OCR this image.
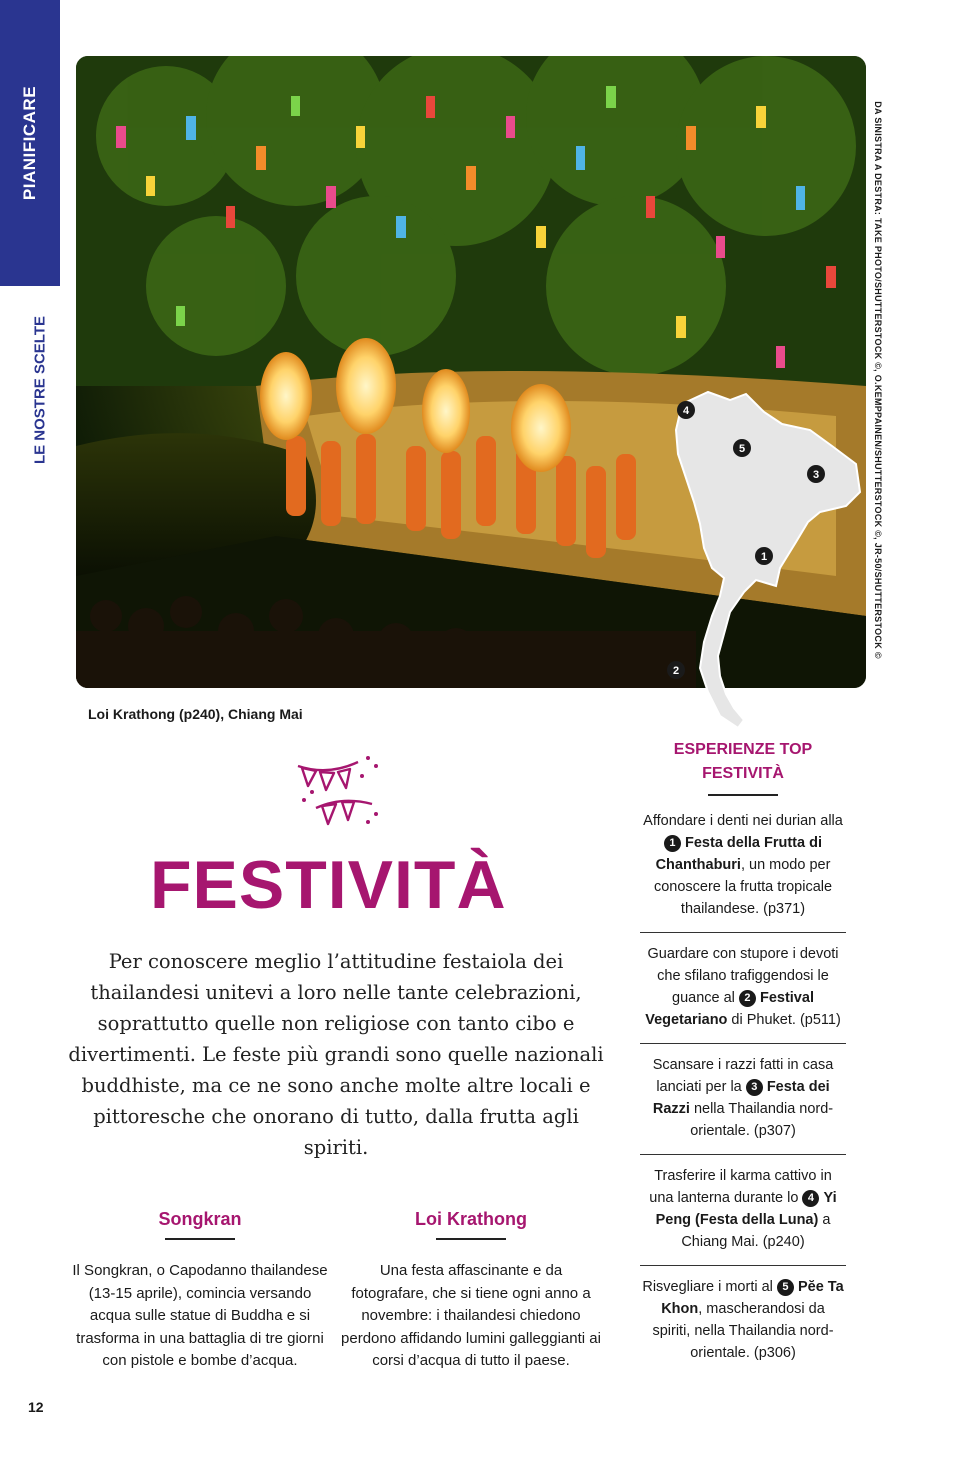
PIANIFICARE
LE NOSTRE SCELTE	DA SINISTRA A DESTRA: TAKE PHOTO/SHUTTERSTOCK ©, O.KEMPPAINEN/SHUTTERSTOCK ©, JR-50/SHUTTERSTOCK ©
4
5
3
1
2
Loi Krathong (p240), Chiang Mai
FESTIVITÀ
Per conoscere meglio l’attitudine festaiola dei thailandesi unitevi a loro nelle tante celebrazioni, soprattutto quelle non religiose con tanto cibo e divertimenti. Le feste più grandi sono quelle nazionali buddhiste, ma ce ne sono anche molte altre locali e pittoresche che onorano di tutto, dalla frutta agli spiriti.
Songkran

Il Songkran, o Capodanno thailandese (13-15 aprile), comincia versando acqua sulle statue di Buddha e si trasforma in una battaglia di tre giorni con pistole e bombe d’acqua.

Loi Krathong

Una festa affascinante e da fotografare, che si tiene ogni anno a novembre: i thailandesi chiedono perdono affidando lumini galleggianti ai corsi d’acqua di tutto il paese.

ESPERIENZE TOP
FESTIVITÀ
Affondare i denti nei durian alla 1 Festa della Frutta di Chanthaburi, un modo per conoscere la frutta tropicale thailandese. (p371)
Guardare con stupore i devoti che sfilano trafiggendosi le guance al 2 Festival Vegetariano di Phuket. (p511)
Scansare i razzi fatti in casa lanciati per la 3 Festa dei Razzi nella Thailandia nord-orientale. (p307)
Trasferire il karma cattivo in una lanterna durante lo 4 Yi Peng (Festa della Luna) a Chiang Mai. (p240)
Risvegliare i morti al 5 Pĕe Ta Khon, mascherandosi da spiriti, nella Thailandia nord-orientale. (p306)
12
